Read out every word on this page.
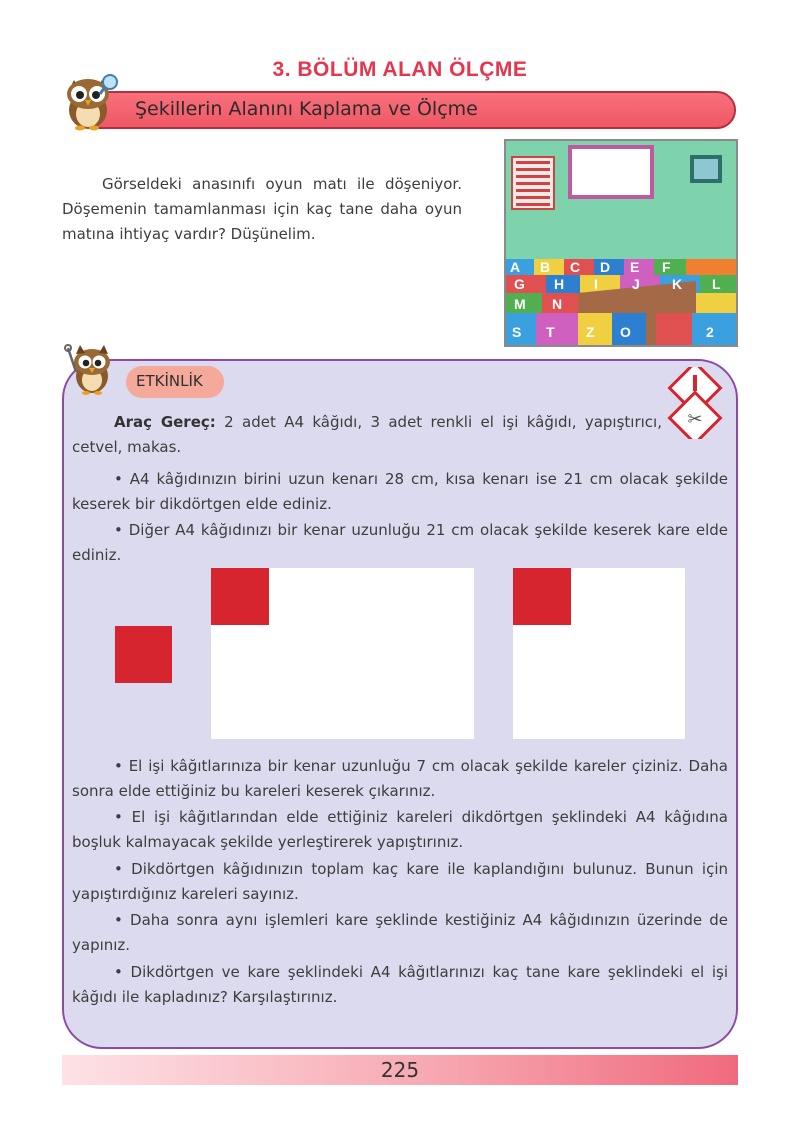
3. BÖLÜM ALAN ÖLÇME
Şekillerin Alanını Kaplama ve Ölçme
Görseldeki anasınıfı oyun matı ile döşeniyor. Döşemenin tamamlanması için kaç tane daha oyun matına ihtiyaç vardır? Düşünelim.
A B C D E F
G H I J K L
M N
S T Z O	2
ETKİNLİK
✂
Araç Gereç: 2 adet A4 kâğıdı, 3 adet renkli el işi kâğıdı, yapıştırıcı, cetvel, makas.
• A4 kâğıdınızın birini uzun kenarı 28 cm, kısa kenarı ise 21 cm olacak şekilde keserek bir dikdörtgen elde ediniz.
• Diğer A4 kâğıdınızı bir kenar uzunluğu 21 cm olacak şekilde keserek kare elde ediniz.
• El işi kâğıtlarınıza bir kenar uzunluğu 7 cm olacak şekilde kareler çiziniz. Daha sonra elde ettiğiniz bu kareleri keserek çıkarınız.
• El işi kâğıtlarından elde ettiğiniz kareleri dikdörtgen şeklindeki A4 kâğıdına boşluk kalmayacak şekilde yerleştirerek yapıştırınız.
• Dikdörtgen kâğıdınızın toplam kaç kare ile kaplandığını bulunuz. Bunun için yapıştırdığınız kareleri sayınız.
• Daha sonra aynı işlemleri kare şeklinde kestiğiniz A4 kâğıdınızın üzerinde de yapınız.
• Dikdörtgen ve kare şeklindeki A4 kâğıtlarınızı kaç tane kare şeklindeki el işi kâğıdı ile kapladınız? Karşılaştırınız.
225
